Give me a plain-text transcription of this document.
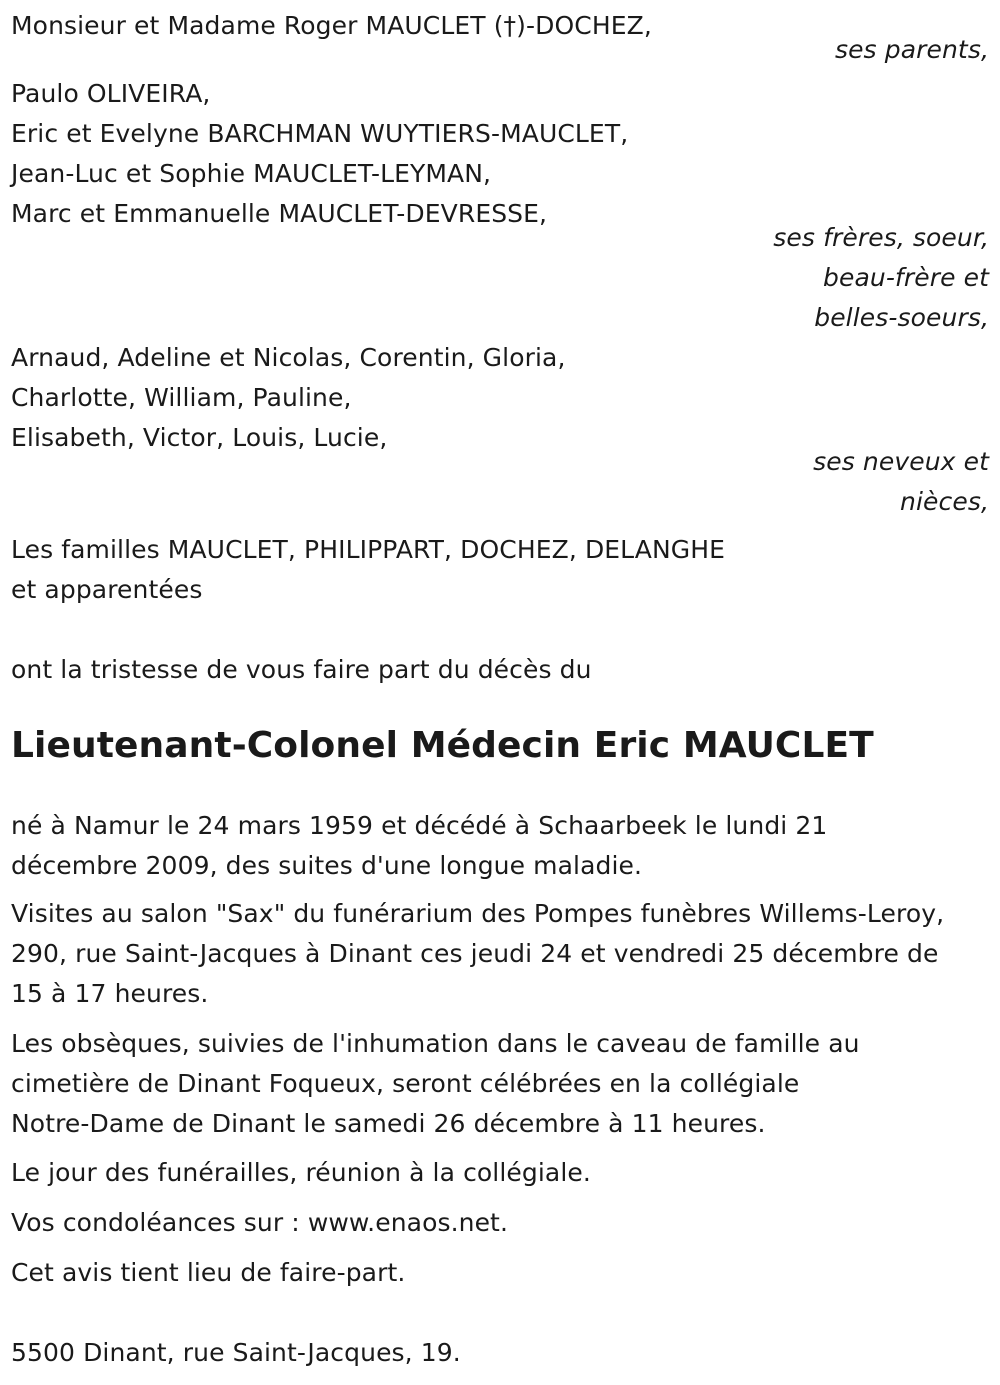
Monsieur et Madame Roger MAUCLET (†)-DOCHEZ,
ses parents,
Paulo OLIVEIRA,
Eric et Evelyne BARCHMAN WUYTIERS-MAUCLET,
Jean-Luc et Sophie MAUCLET-LEYMAN,
Marc et Emmanuelle MAUCLET-DEVRESSE,
ses frères, soeur,
beau-frère et
belles-soeurs,
Arnaud, Adeline et Nicolas, Corentin, Gloria,
Charlotte, William, Pauline,
Elisabeth, Victor, Louis, Lucie,
ses neveux et
nièces,
Les familles MAUCLET, PHILIPPART, DOCHEZ, DELANGHE
et apparentées
ont la tristesse de vous faire part du décès du
Lieutenant-Colonel Médecin Eric MAUCLET
né à Namur le 24 mars 1959 et décédé à Schaarbeek le lundi 21
décembre 2009, des suites d'une longue maladie.
Visites au salon "Sax" du funérarium des Pompes funèbres Willems-Leroy,
290, rue Saint-Jacques à Dinant ces jeudi 24 et vendredi 25 décembre de
15 à 17 heures.
Les obsèques, suivies de l'inhumation dans le caveau de famille au
cimetière de Dinant Foqueux, seront célébrées en la collégiale
Notre-Dame de Dinant le samedi 26 décembre à 11 heures.
Le jour des funérailles, réunion à la collégiale.
Vos condoléances sur : www.enaos.net.
Cet avis tient lieu de faire-part.
5500 Dinant, rue Saint-Jacques, 19.
